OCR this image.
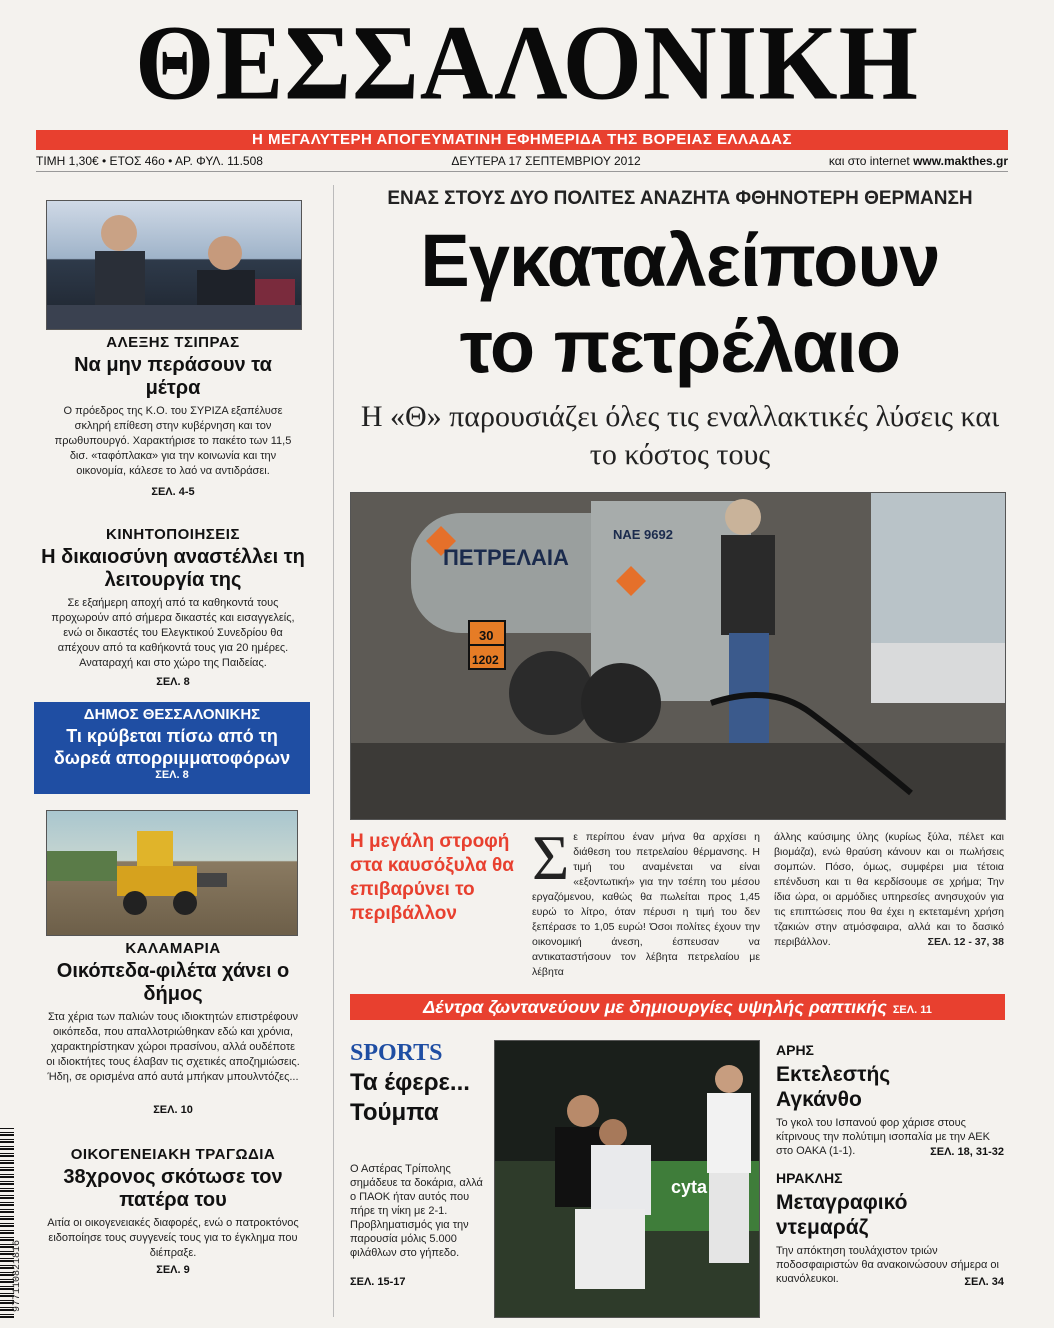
ΘΕΣΣΑΛΟΝΙΚΗ
Η ΜΕΓΑΛΥΤΕΡΗ ΑΠΟΓΕΥΜΑΤΙΝΗ ΕΦΗΜΕΡΙΔΑ ΤΗΣ ΒΟΡΕΙΑΣ ΕΛΛΑΔΑΣ
ΤΙΜΗ 1,30€ • ΕΤΟΣ 46ο • ΑΡ. ΦΥΛ. 11.508	ΔΕΥΤΕΡΑ 17 ΣΕΠΤΕΜΒΡΙΟΥ 2012	και στο internet www.makthes.gr
ΑΛΕΞΗΣ ΤΣΙΠΡΑΣ
Να μην περάσουν τα μέτρα
Ο πρόεδρος της Κ.Ο. του ΣΥΡΙΖΑ εξαπέλυσε σκληρή επίθεση στην κυβέρνηση και τον πρωθυπουργό. Χαρακτήρισε το πακέτο των 11,5 δισ. «ταφόπλακα» για την κοινωνία και την οικονομία, κάλεσε το λαό να αντιδράσει.
ΣΕΛ. 4-5
ΚΙΝΗΤΟΠΟΙΗΣΕΙΣ
Η δικαιοσύνη αναστέλλει τη λειτουργία της
Σε εξαήμερη αποχή από τα καθηκοντά τους προχωρούν από σήμερα δικαστές και εισαγγελείς, ενώ οι δικαστές του Ελεγκτικού Συνεδρίου θα απέχουν από τα καθήκοντά τους για 20 ημέρες. Αναταραχή και στο χώρο της Παιδείας.
ΣΕΛ. 8
ΔΗΜΟΣ ΘΕΣΣΑΛΟΝΙΚΗΣ
Τι κρύβεται πίσω από τη δωρεά απορριμματοφόρων
ΣΕΛ. 8
ΚΑΛΑΜΑΡΙΑ
Οικόπεδα-φιλέτα χάνει ο δήμος
Στα χέρια των παλιών τους ιδιοκτητών επιστρέφουν οικόπεδα, που απαλλοτριώθηκαν εδώ και χρόνια, χαρακτηρίστηκαν χώροι πρασίνου, αλλά ουδέποτε οι ιδιοκτήτες τους έλαβαν τις σχετικές αποζημιώσεις. Ήδη, σε ορισμένα από αυτά μπήκαν μπουλντόζες...
ΣΕΛ. 10
ΟΙΚΟΓΕΝΕΙΑΚΗ ΤΡΑΓΩΔΙΑ
38χρονος σκότωσε τον πατέρα του
Αιτία οι οικογενειακές διαφορές, ενώ ο πατροκτόνος ειδοποίησε τους συγγενείς τους για το έγκλημα που διέπραξε.
ΣΕΛ. 9
ΕΝΑΣ ΣΤΟΥΣ ΔΥΟ ΠΟΛΙΤΕΣ ΑΝΑΖΗΤΑ ΦΘΗΝΟΤΕΡΗ ΘΕΡΜΑΝΣΗ
Εγκαταλείπουν
το πετρέλαιο
Η «Θ» παρουσιάζει όλες τις εναλλακτικές λύσεις και το κόστος τους
ΠΕΤΡΕΛΑΙΑ
ΝΑΕ 9692
30
1202
Η μεγάλη στροφή στα καυσόξυλα θα επιβαρύνει το περιβάλλον
Σε περίπου έναν μήνα θα αρχίσει η διάθεση του πετρελαίου θέρμανσης. Η τιμή του αναμένεται να είναι «εξοντωτική» για την τσέπη του μέσου εργαζόμενου, καθώς θα πωλείται προς 1,45 ευρώ το λίτρο, όταν πέρυσι η τιμή του δεν ξεπέρασε το 1,05 ευρώ! Όσοι πολίτες έχουν την οικονομική άνεση, έσπευσαν να αντικαταστήσουν τον λέβητα πετρελαίου με λέβητα
άλλης καύσιμης ύλης (κυρίως ξύλα, πέλετ και βιομάζα), ενώ θραύση κάνουν και οι πωλήσεις σομπών. Πόσο, όμως, συμφέρει μια τέτοια επένδυση και τι θα κερδίσουμε σε χρήμα; Την ίδια ώρα, οι αρμόδιες υπηρεσίες ανησυχούν για τις επιπτώσεις που θα έχει η εκτεταμένη χρήση τζακιών στην ατμόσφαιρα, αλλά και το δασικό περιβάλλον.	ΣΕΛ. 12 - 37, 38
Δέντρα ζωντανεύουν με δημιουργίες υψηλής ραπτικής ΣΕΛ. 11
SPORTS
Τα έφερε... Τούμπα
Ο Αστέρας Τρίπολης σημάδευε τα δοκάρια, αλλά ο ΠΑΟΚ ήταν αυτός που πήρε τη νίκη με 2-1. Προβληματισμός για την παρουσία μόλις 5.000 φιλάθλων στο γήπεδο.
ΣΕΛ. 15-17
cyta
ΑΡΗΣ
Εκτελεστής Αγκάνθο
Το γκολ του Ισπανού φορ χάρισε στους κίτρινους την πολύτιμη ισοπαλία με την ΑΕΚ στο ΟΑΚΑ (1-1).	ΣΕΛ. 18, 31-32
ΗΡΑΚΛΗΣ
Μεταγραφικό ντεμαράζ
Την απόκτηση τουλάχιστον τριών ποδοσφαιριστών θα ανακοινώσουν σήμερα οι κυανόλευκοι.	ΣΕΛ. 34
977110821816
